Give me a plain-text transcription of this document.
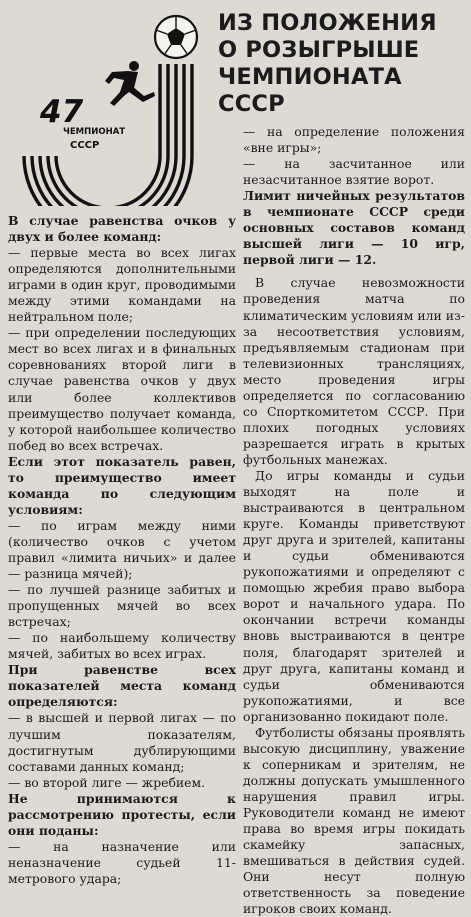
47
ЧЕМПИОНАТ
СССР
ИЗ ПОЛОЖЕНИЯ
О РОЗЫГРЫШЕ
ЧЕМПИОНАТА
СССР

В случае равенства очков у двух и более команд:

— первые места во всех лигах определяются дополнительными играми в один круг, проводимыми между этими командами на нейтральном поле;

— при определении последующих мест во всех лигах и в финальных соревнованиях второй лиги в случае равенства очков у двух или более коллективов преимущество получает команда, у которой наибольшее количество побед во всех встречах.

Если этот показатель равен, то преимущество имеет команда по следующим условиям:

— по играм между ними (количество очков с учетом правил «лимита ничьих» и далее — разница мячей);

— по лучшей разнице забитых и пропущенных мячей во всех встречах;

— по наибольшему количеству мячей, забитых во всех играх.

При равенстве всех показателей места команд определяются:

— в высшей и первой лигах — по лучшим показателям, достигнутым дублирующими составами данных команд;

— во второй лиге — жребием.

Не принимаются к рассмотрению протесты, если они поданы:

— на назначение или неназначение судьей 11-метрового удара;

— на определение положения «вне игры»;

— на засчитанное или незасчитанное взятие ворот.

Лимит ничейных результатов в чемпионате СССР среди основных составов команд высшей лиги — 10 игр, первой лиги — 12.

В случае невозможности проведения матча по климатическим условиям или из-за несоответствия условиям, предъявляемым стадионам при телевизионных трансляциях, место проведения игры определяется по согласованию со Спорткомитетом СССР. При плохих погодных условиях разрешается играть в крытых футбольных манежах.

До игры команды и судьи выходят на поле и выстраиваются в центральном круге. Команды приветствуют друг друга и зрителей, капитаны и судьи обмениваются рукопожатиями и определяют с помощью жребия право выбора ворот и начального удара. По окончании встречи команды вновь выстраиваются в центре поля, благодарят зрителей и друг друга, капитаны команд и судьи обмениваются рукопожатиями, и все организованно покидают поле.

Футболисты обязаны проявлять высокую дисциплину, уважение к соперникам и зрителям, не должны допускать умышленного нарушения правил игры. Руководители команд не имеют права во время игры покидать скамейку запасных, вмешиваться в действия судей. Они несут полную ответственность за поведение игроков своих команд.
